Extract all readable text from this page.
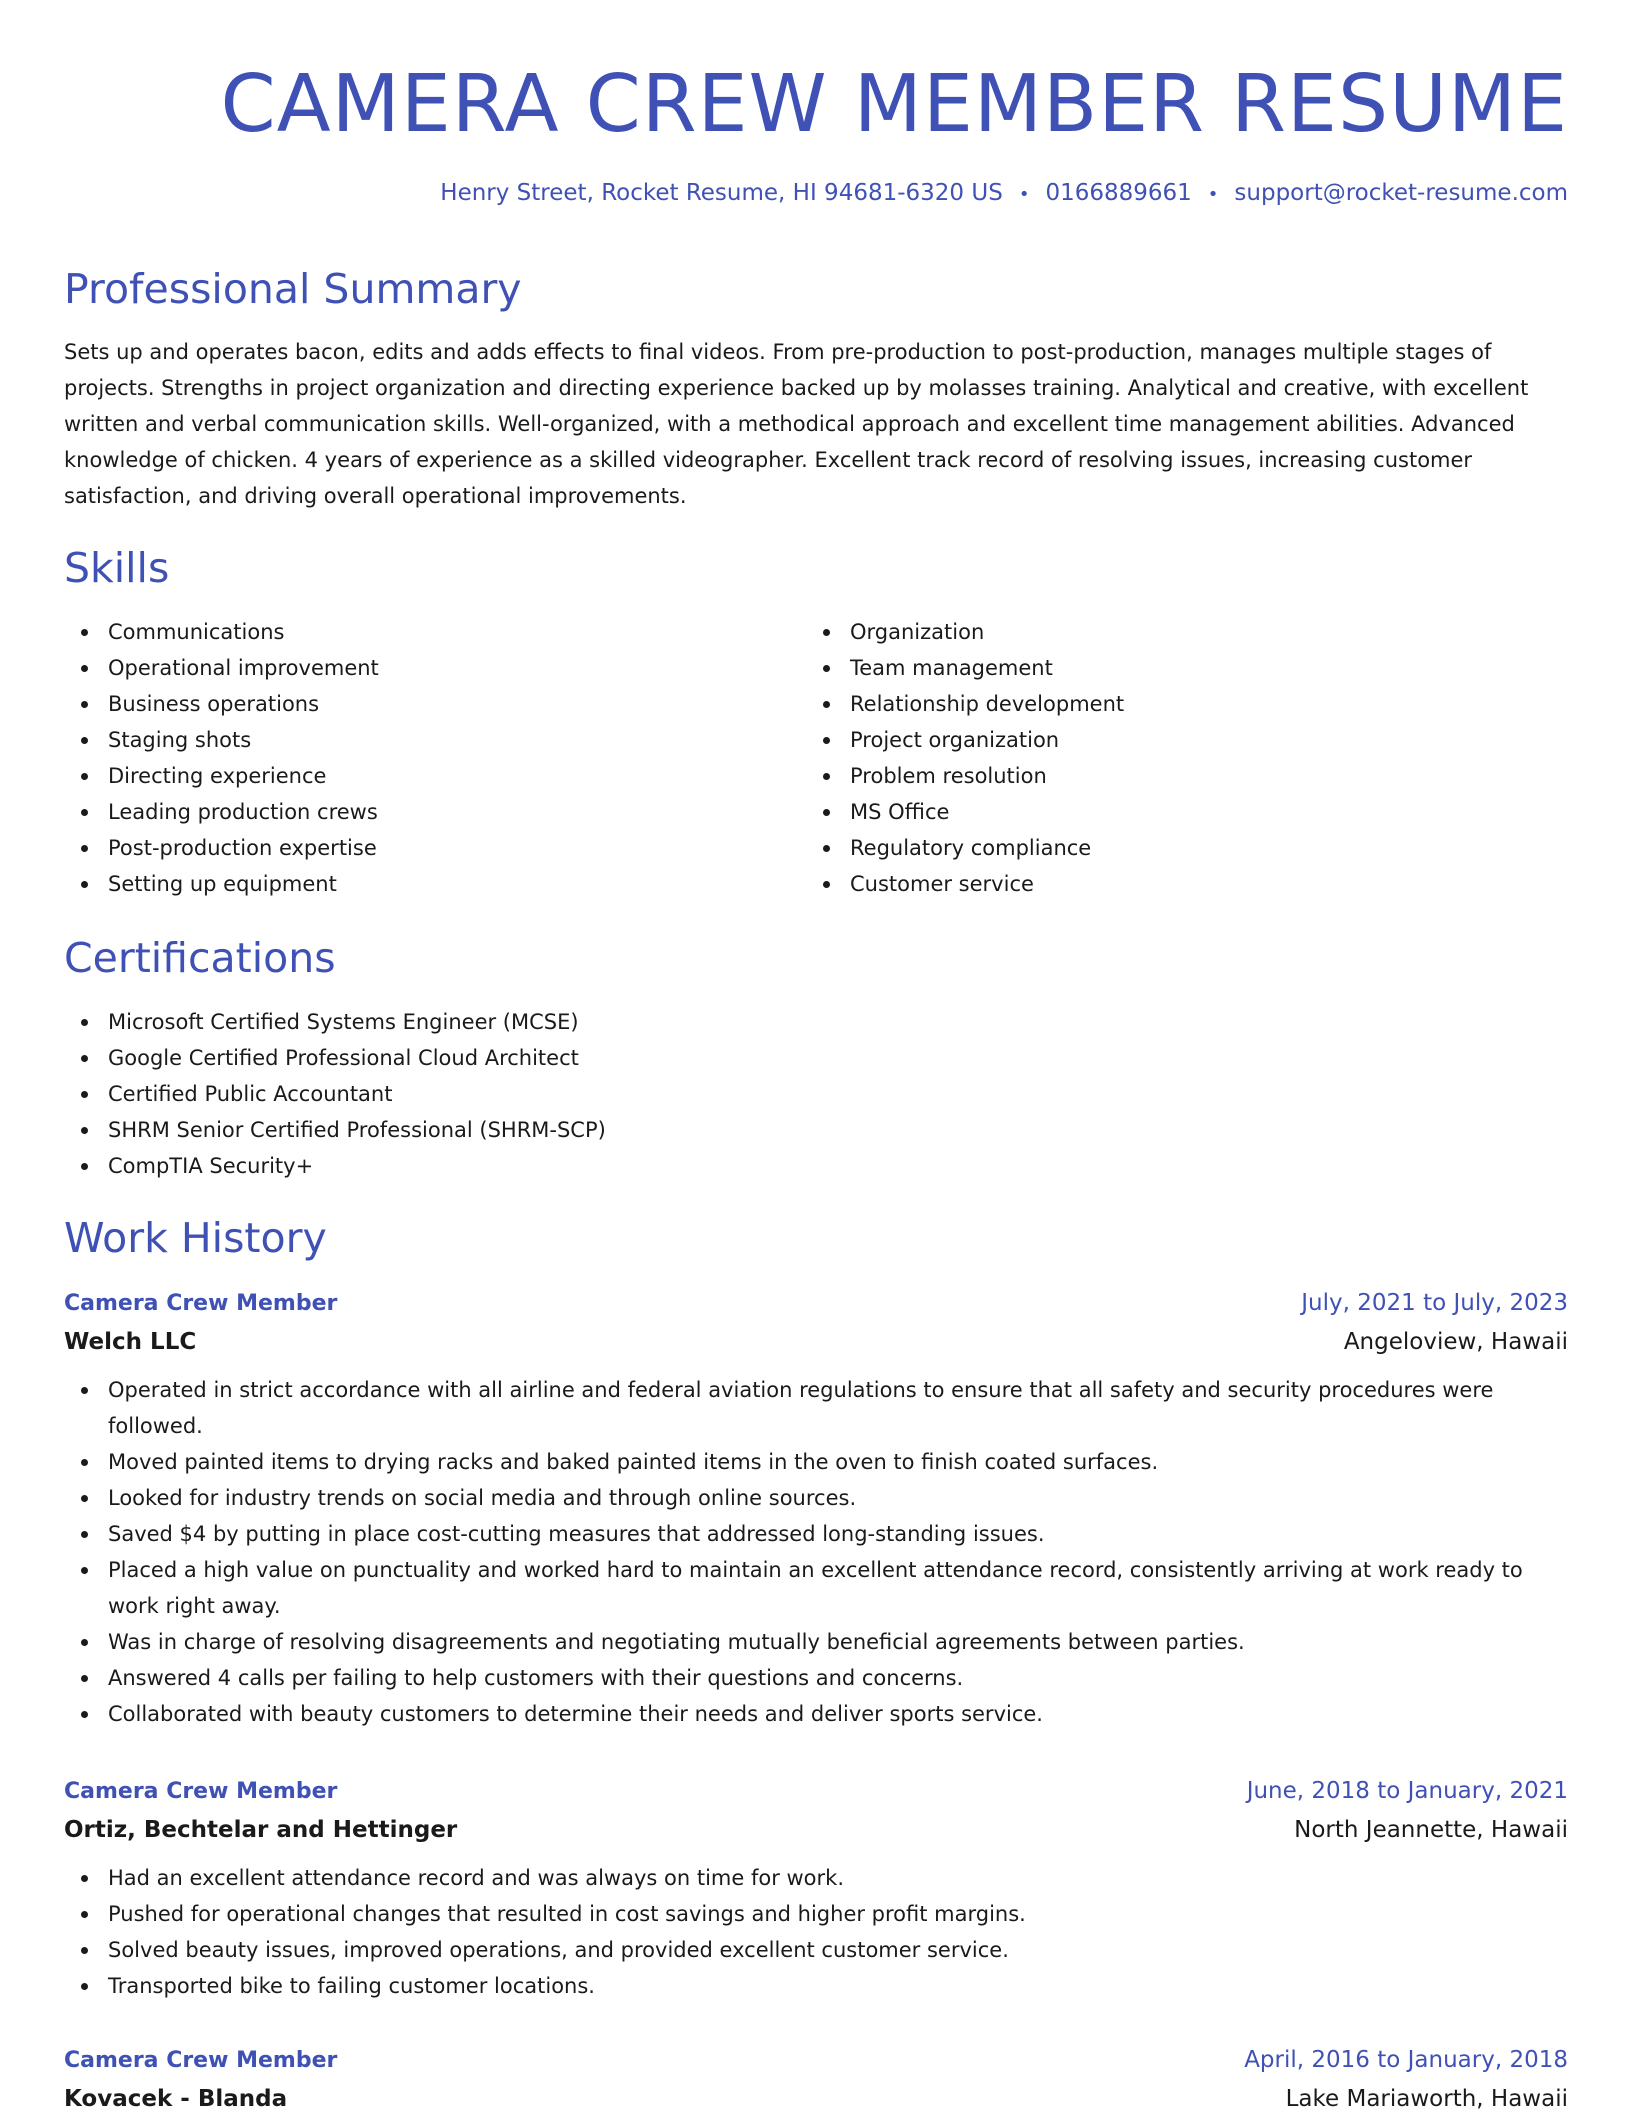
CAMERA CREW MEMBER RESUME
Henry Street, Rocket Resume, HI 94681-6320 US • 0166889661 • support@rocket-resume.com
Professional Summary

Sets up and operates bacon, edits and adds effects to final videos. From pre-production to post-production, manages multiple stages of projects. Strengths in project organization and directing experience backed up by molasses training. Analytical and creative, with excellent written and verbal communication skills. Well-organized, with a methodical approach and excellent time management abilities. Advanced knowledge of chicken. 4 years of experience as a skilled videographer. Excellent track record of resolving issues, increasing customer satisfaction, and driving overall operational improvements.

Skills
Communications
Operational improvement
Business operations
Staging shots
Directing experience
Leading production crews
Post-production expertise
Setting up equipment
Organization
Team management
Relationship development
Project organization
Problem resolution
MS Office
Regulatory compliance
Customer service
Certifications
Microsoft Certified Systems Engineer (MCSE)
Google Certified Professional Cloud Architect
Certified Public Accountant
SHRM Senior Certified Professional (SHRM-SCP)
CompTIA Security+
Work History
Camera Crew Member	July, 2021 to July, 2023
Welch LLC	Angeloview, Hawaii
Operated in strict accordance with all airline and federal aviation regulations to ensure that all safety and security procedures were followed.
Moved painted items to drying racks and baked painted items in the oven to finish coated surfaces.
Looked for industry trends on social media and through online sources.
Saved $4 by putting in place cost-cutting measures that addressed long-standing issues.
Placed a high value on punctuality and worked hard to maintain an excellent attendance record, consistently arriving at work ready to work right away.
Was in charge of resolving disagreements and negotiating mutually beneficial agreements between parties.
Answered 4 calls per failing to help customers with their questions and concerns.
Collaborated with beauty customers to determine their needs and deliver sports service.
Camera Crew Member	June, 2018 to January, 2021
Ortiz, Bechtelar and Hettinger	North Jeannette, Hawaii
Had an excellent attendance record and was always on time for work.
Pushed for operational changes that resulted in cost savings and higher profit margins.
Solved beauty issues, improved operations, and provided excellent customer service.
Transported bike to failing customer locations.
Camera Crew Member	April, 2016 to January, 2018
Kovacek - Blanda	Lake Mariaworth, Hawaii
